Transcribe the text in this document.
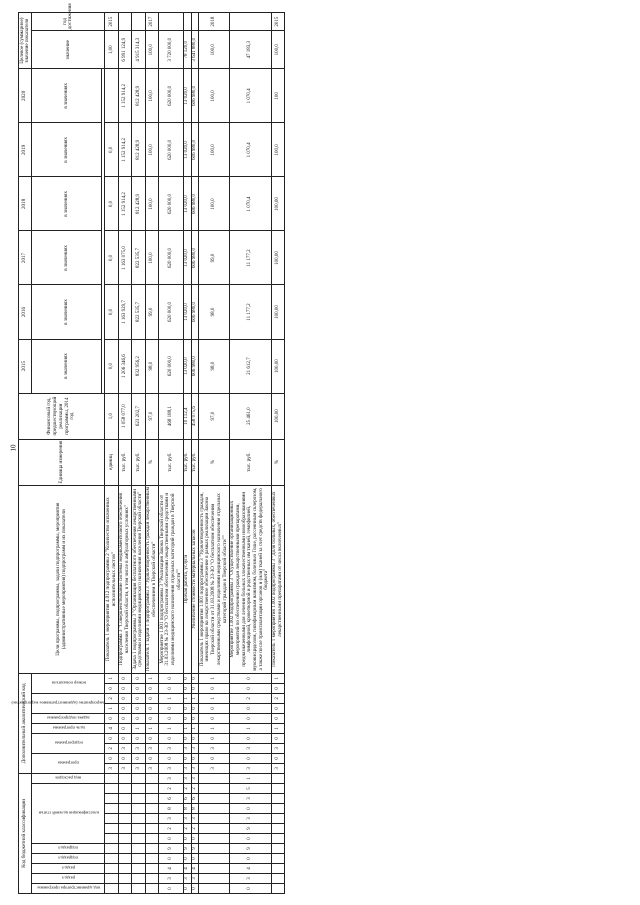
10
Код бюджетной классификации												Дополнительный аналитический код										Цели программы, подпрограммы, задачи подпрограммы, мероприятия (административные мероприятия) подпрограмм и их показатели	Единица измерения	Финансовый год, предшествующий реализации программы, 2014 год	2015	2016	2017	2018	2019	2020	Целевое (суммарное) значение показателя	
код администратора программы	раздел	раздел	подраздел	подраздел	классификация целевой статьи						вид расходов	программа		подпрограмма		цель программы	задача подпрограммы	мероприятие (административное мероприятие)		номер показателя					в значениях	в значениях	в значениях	в значениях	в значениях	в значениях	значение	год достижения

												3	0	2	0	4	0	1	2	0	1	Показатель 1 мероприятия 4.012 подпрограммы 2 "Количество оплаченных исполнительных листов"	единиц	1,0	0,0	0,0	0,0	0,0	0,0		1,00	2015
												3	0	3	0	0	0	0	0	0	0	Подпрограмма 3 "Совершенствование системы медикаментозного обеспечения населения Тверской области, в том числе в амбулаторных условиях"	тыс. руб.	1 058 077,0	1 206 346,6	1 163 929,7	1 163 075,0	1 152 914,2	1 152 914,2	1 152 914,2	6 991 124,9	
												3	0	3	0	1	0	0	0	0	0	Задача 1 подпрограммы 3 "Организация бесплатного обеспечения лекарственными средствами и изделиями медицинского назначения населения Тверской области"	тыс. руб.	623 202,7	832 956,2	822 535,7	822 535,7	812 428,9	812 428,9	812 428,9	4 915 314,3	
												3	0	3	0	1	0	0	0	0	1	Показатель 1 задачи 1 подпрограммы 3 "Удовлетворенность граждан лекарственным обеспечением в Тверской области"	%	97,0	98,0	99,0	100,0	100,0	100,0	100,0	100,0	2017
0	3	4	0	9	0	2	3	8	6	2	3	3	0	3	0	1	0	0	1	0	0	Мероприятие 1.001 подпрограммы 3 "Реализация Закона Тверской области от 31.03.2008 № 23-ЗО "О бесплатном обеспечении лекарственными средствами и изделиями медицинского назначения отдельных категорий граждан в Тверской области""	тыс. руб.	468 188,1	620 000,0	620 000,0	620 000,0	620 000,0	620 000,0	620 000,0	3 720 000,0	
0	3	4	0	9	0	2	3	8	6	2	3	3	0	3	0	1	0	0	1	0	0	Прочая работа, услуги	тыс. руб.	10 112,4	13 020,0	13 020,0	13 020,0	13 020,0	13 020,0	13 020,0	78 120,0	
0	3	4	0	9	0	2	3	8	6	2	3	3	0	3	0	1	0	0	1	0	0	Увеличение стоимости материальных запасов	тыс. руб.	458 075,6	606 980,0	606 980,0	606 980,0	606 980,0	606 980,0	606 980,0	3 641 880,0	
												3	0	3	0	1	0	0	1	0	1	Показатель 1 мероприятия 1.001 подпрограммы 3 "Удовлетворенность граждан, имеющих право на лекарственное обеспечение в рамках реализации Закона Тверской области от 31.03.2008 № 23-ЗО "О бесплатном обеспечении лекарственными средствами и изделиями медицинского назначения отдельных категорий граждан в Тверской области""	%	97,0	98,0	98,0	99,0	100,0	100,0	100,0	100,0	2018
0	3	4	0	9	0	9	3	0	3	5	1	3	0	3	0	1	0	0	2	0	0	Мероприятие 1.002 подпрограммы 3 "Осуществление организационных мероприятий по обеспечению граждан лекарственными препаратами, предназначенными для лечения больных злокачественными новообразованиями лимфоидной, кроветворной и родственных им тканей, гемофилией, муковисцидозом, гипофизарным нанизмом, болезнью Гоше, рассеянным склерозом, а также после трансплантации органов и (или) тканей за счет средств федерального бюджета"	тыс. руб.	25 461,0	21 612,7	11 177,2	11 177,2	1 070,4	1 070,4	1 070,4	47 183,3	
												3	0	3	0	1	0	0	2	0	1	Показатель 1 мероприятия 1.002 подпрограммы 3 "Доля больных, обеспеченных лекарственными препаратами от числа включенных"	%	100,00	100,00	100,00	100,00	100,00	100,0	100	100,0	2015
